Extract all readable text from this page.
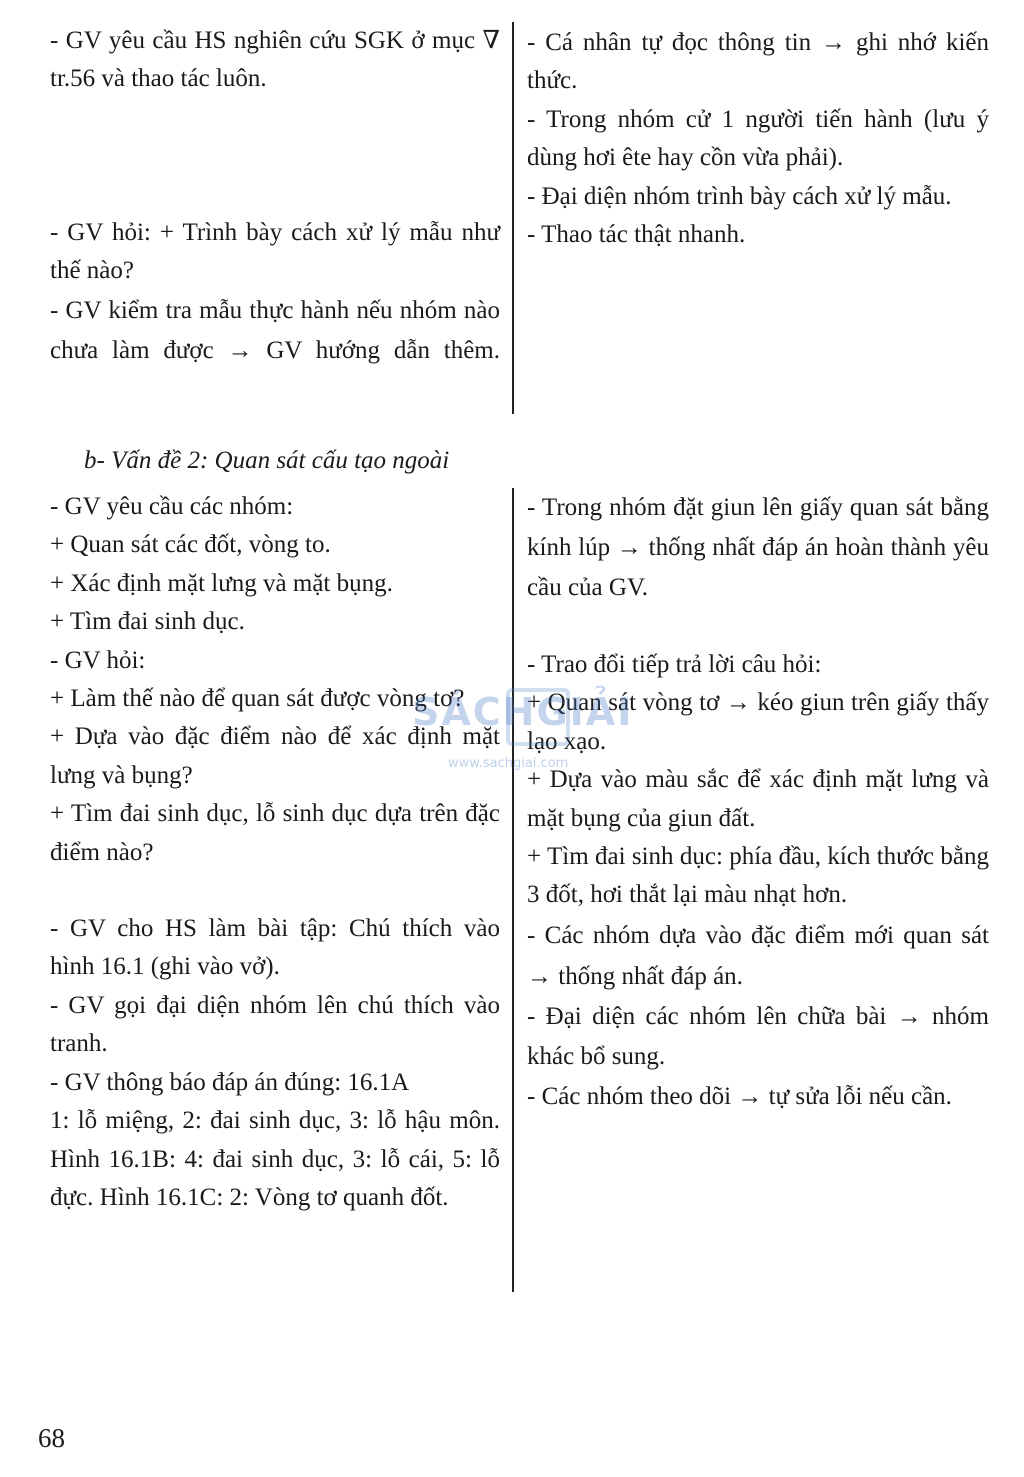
- GV yêu cầu HS nghiên cứu SGK ở mục ∇ tr.56 và thao tác luôn.

- GV hỏi: + Trình bày cách xử lý mẫu như thế nào?

- GV kiểm tra mẫu thực hành nếu nhóm nào chưa làm được → GV hướng dẫn thêm.

- Cá nhân tự đọc thông tin → ghi nhớ kiến thức.

- Trong nhóm cử 1 người tiến hành (lưu ý dùng hơi ête hay cồn vừa phải).

- Đại diện nhóm trình bày cách xử lý mẫu.

- Thao tác thật nhanh.

b- Vấn đề 2: Quan sát cấu tạo ngoài

- GV yêu cầu các nhóm:

+ Quan sát các đốt, vòng to.

+ Xác định mặt lưng và mặt bụng.

+ Tìm đai sinh dục.

- GV hỏi:

+ Làm thế nào để quan sát được vòng tơ?

+ Dựa vào đặc điểm nào để xác định mặt lưng và bụng?

+ Tìm đai sinh dục, lỗ sinh dục dựa trên đặc điểm nào?

- GV cho HS làm bài tập: Chú thích vào hình 16.1 (ghi vào vở).

- GV gọi đại diện nhóm lên chú thích vào tranh.

- GV thông báo đáp án đúng: 16.1A

1: lỗ miệng, 2: đai sinh dục, 3: lỗ hậu môn. Hình 16.1B: 4: đai sinh dục, 3: lỗ cái, 5: lỗ đực. Hình 16.1C: 2: Vòng tơ quanh đốt.

- Trong nhóm đặt giun lên giấy quan sát bằng kính lúp → thống nhất đáp án hoàn thành yêu cầu của GV.

- Trao đổi tiếp trả lời câu hỏi:

+ Quan sát vòng tơ → kéo giun trên giấy thấy lạo xạo.

+ Dựa vào màu sắc để xác định mặt lưng và mặt bụng của giun đất.

+ Tìm đai sinh dục: phía đầu, kích thước bằng 3 đốt, hơi thắt lại màu nhạt hơn.

- Các nhóm dựa vào đặc điểm mới quan sát → thống nhất đáp án.

- Đại diện các nhóm lên chữa bài → nhóm khác bổ sung.

- Các nhóm theo dõi → tự sửa lỗi nếu cần.

SÁCHGIẢI
www.sachgiai.com
68
